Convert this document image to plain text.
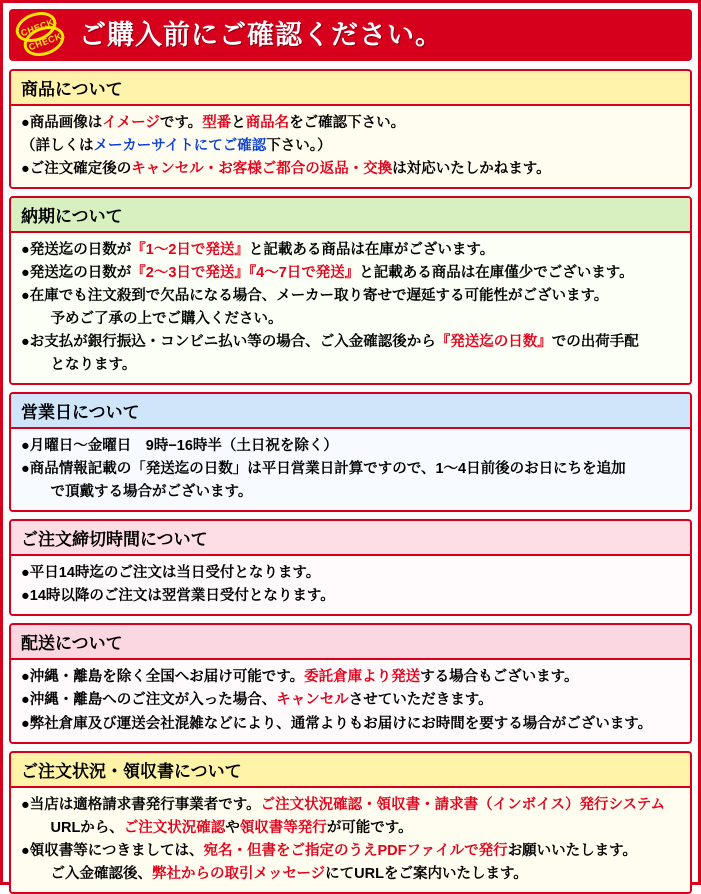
CHECK!
CHECK! ご購入前にご確認ください。
商品について
●商品画像はイメージです。型番と商品名をご確認下さい。
（詳しくはメーカーサイトにてご確認下さい。）
●ご注文確定後のキャンセル・お客様ご都合の返品・交換は対応いたしかねます。
納期について
●発送迄の日数が『1〜2日で発送』と記載ある商品は在庫がございます。
●発送迄の日数が『2〜3日で発送』『4〜7日で発送』と記載ある商品は在庫僅少でございます。
●在庫でも注文殺到で欠品になる場合、メーカー取り寄せで遅延する可能性がございます。
　予めご了承の上でご購入ください。
●お支払が銀行振込・コンビニ払い等の場合、ご入金確認後から『発送迄の日数』での出荷手配
　となります。
営業日について
●月曜日〜金曜日　9時−16時半（土日祝を除く）
●商品情報記載の「発送迄の日数」は平日営業日計算ですので、1〜4日前後のお日にちを追加
　で頂戴する場合がございます。
ご注文締切時間について
●平日14時迄のご注文は当日受付となります。
●14時以降のご注文は翌営業日受付となります。
配送について
●沖縄・離島を除く全国へお届け可能です。委託倉庫より発送する場合もございます。
●沖縄・離島へのご注文が入った場合、キャンセルさせていただきます。
●弊社倉庫及び運送会社混雑などにより、通常よりもお届けにお時間を要する場合がございます。
ご注文状況・領収書について
●当店は適格請求書発行事業者です。ご注文状況確認・領収書・請求書（インボイス）発行システム
　URLから、ご注文状況確認や領収書等発行が可能です。
●領収書等につきましては、宛名・但書をご指定のうえPDFファイルで発行お願いいたします。
　ご入金確認後、弊社からの取引メッセージにてURLをご案内いたします。
